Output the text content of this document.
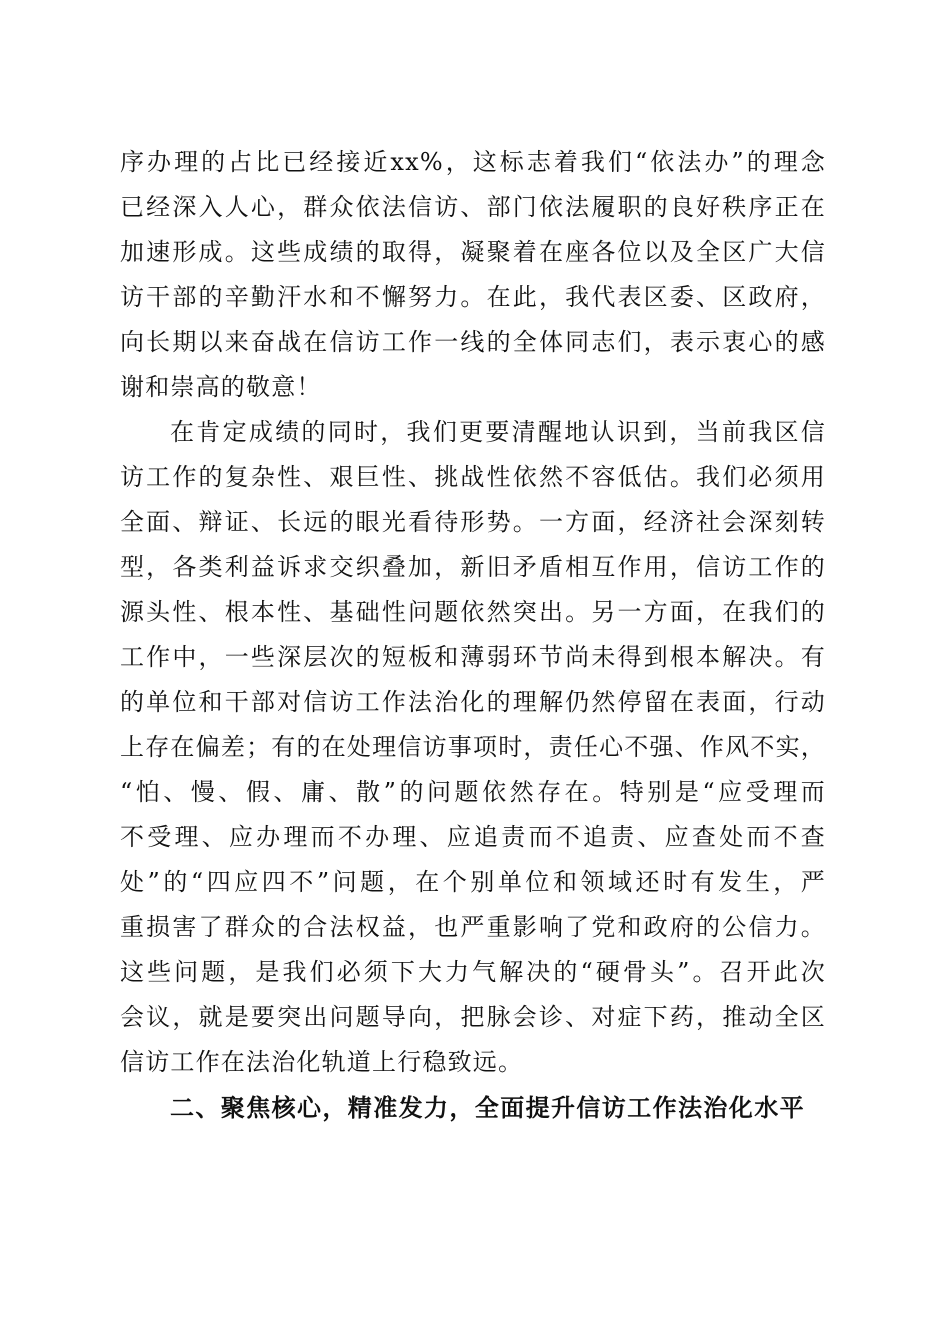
序办理的占比已经接近xx%，这标志着我们“依法办”的理念
已经深入人心，群众依法信访、部门依法履职的良好秩序正在
加速形成。这些成绩的取得，凝聚着在座各位以及全区广大信
访干部的辛勤汗水和不懈努力。在此，我代表区委、区政府，
向长期以来奋战在信访工作一线的全体同志们，表示衷心的感
谢和崇高的敬意！
在肯定成绩的同时，我们更要清醒地认识到，当前我区信
访工作的复杂性、艰巨性、挑战性依然不容低估。我们必须用
全面、辩证、长远的眼光看待形势。一方面，经济社会深刻转
型，各类利益诉求交织叠加，新旧矛盾相互作用，信访工作的
源头性、根本性、基础性问题依然突出。另一方面，在我们的
工作中，一些深层次的短板和薄弱环节尚未得到根本解决。有
的单位和干部对信访工作法治化的理解仍然停留在表面，行动
上存在偏差；有的在处理信访事项时，责任心不强、作风不实，
“怕、慢、假、庸、散”的问题依然存在。特别是“应受理而
不受理、应办理而不办理、应追责而不追责、应查处而不查
处”的“四应四不”问题，在个别单位和领域还时有发生，严
重损害了群众的合法权益，也严重影响了党和政府的公信力。
这些问题，是我们必须下大力气解决的“硬骨头”。召开此次
会议，就是要突出问题导向，把脉会诊、对症下药，推动全区
信访工作在法治化轨道上行稳致远。
二、聚焦核心，精准发力，全面提升信访工作法治化水平
